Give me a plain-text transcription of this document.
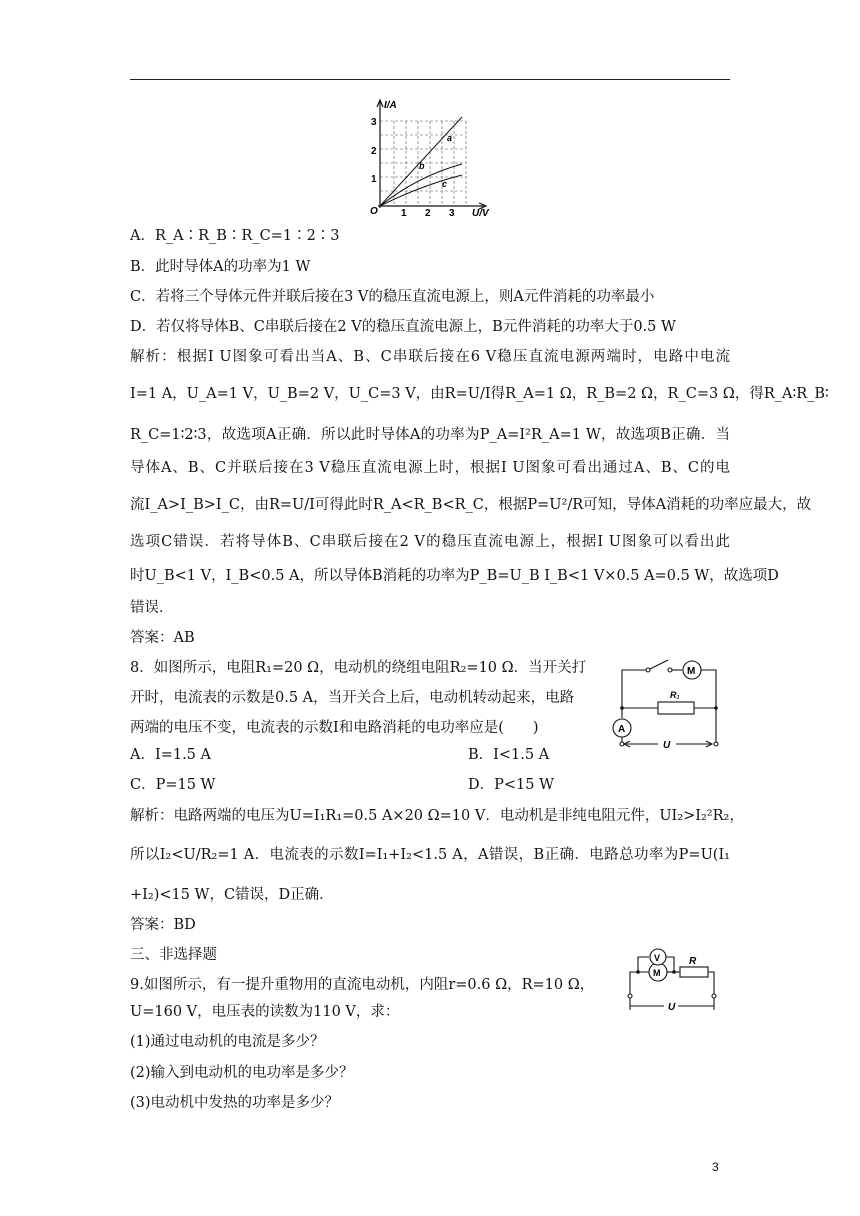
I/A
U/V
O
1
2
3
1 2 3
a
b
c
A．R_A∶R_B∶R_C=1∶2∶3
B．此时导体A的功率为1 W
C．若将三个导体元件并联后接在3 V的稳压直流电源上，则A元件消耗的功率最小
D．若仅将导体B、C串联后接在2 V的稳压直流电源上，B元件消耗的功率大于0.5 W
解析：根据I U图象可看出当A、B、C串联后接在6 V稳压直流电源两端时，电路中电流
I=1 A，U_A=1 V，U_B=2 V，U_C=3 V，由R=U/I得R_A=1 Ω，R_B=2 Ω，R_C=3 Ω，得R_A∶R_B∶
R_C=1∶2∶3，故选项A正确．所以此时导体A的功率为P_A=I²R_A=1 W，故选项B正确．当
导体A、B、C并联后接在3 V稳压直流电源上时，根据I U图象可看出通过A、B、C的电
流I_A>I_B>I_C，由R=U/I可得此时R_A<R_B<R_C，根据P=U²/R可知，导体A消耗的功率应最大，故
选项C错误．若将导体B、C串联后接在2 V的稳压直流电源上，根据I U图象可以看出此
时U_B<1 V，I_B<0.5 A，所以导体B消耗的功率为P_B=U_B I_B<1 V×0.5 A=0.5 W，故选项D
错误．
答案：AB
8．如图所示，电阻R₁=20 Ω，电动机的绕组电阻R₂=10 Ω．当开关打
开时，电流表的示数是0.5 A，当开关合上后，电动机转动起来，电路
两端的电压不变，电流表的示数I和电路消耗的电功率应是(　　)
M
A
R₁
U
A．I=1.5 A	B．I<1.5 A
C．P=15 W	D．P<15 W
解析：电路两端的电压为U=I₁R₁=0.5 A×20 Ω=10 V．电动机是非纯电阻元件，UI₂>I₂²R₂，
所以I₂<U/R₂=1 A．电流表的示数I=I₁+I₂<1.5 A，A错误，B正确．电路总功率为P=U(I₁
+I₂)<15 W，C错误，D正确．
答案：BD
三、非选择题	V
M
R
U
9.如图所示，有一提升重物用的直流电动机，内阻r=0.6 Ω，R=10 Ω，
U=160 V，电压表的读数为110 V，求：
(1)通过电动机的电流是多少？
(2)输入到电动机的电功率是多少？
(3)电动机中发热的功率是多少？
3
